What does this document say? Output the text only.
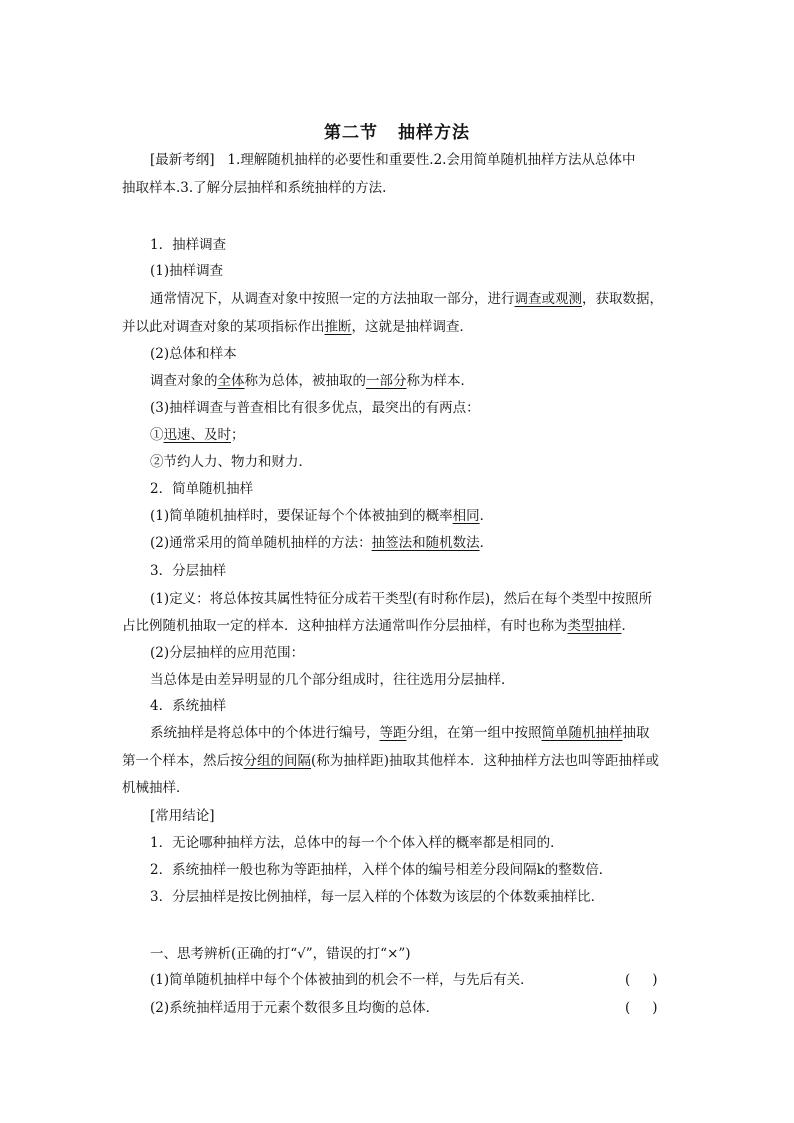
第二节 抽样方法
[最新考纲] 1.理解随机抽样的必要性和重要性.2.会用简单随机抽样方法从总体中
抽取样本.3.了解分层抽样和系统抽样的方法.
1．抽样调查
(1)抽样调查
通常情况下，从调查对象中按照一定的方法抽取一部分，进行调查或观测，获取数据，
并以此对调查对象的某项指标作出推断，这就是抽样调查．
(2)总体和样本
调查对象的全体称为总体，被抽取的一部分称为样本．
(3)抽样调查与普查相比有很多优点，最突出的有两点：
①迅速、及时；
②节约人力、物力和财力．
2．简单随机抽样
(1)简单随机抽样时，要保证每个个体被抽到的概率相同．
(2)通常采用的简单随机抽样的方法：抽签法和随机数法．
3．分层抽样
(1)定义：将总体按其属性特征分成若干类型(有时称作层)，然后在每个类型中按照所
占比例随机抽取一定的样本．这种抽样方法通常叫作分层抽样，有时也称为类型抽样．
(2)分层抽样的应用范围：
当总体是由差异明显的几个部分组成时，往往选用分层抽样．
4．系统抽样
系统抽样是将总体中的个体进行编号，等距分组，在第一组中按照简单随机抽样抽取
第一个样本，然后按分组的间隔(称为抽样距)抽取其他样本．这种抽样方法也叫等距抽样或
机械抽样．
[常用结论]
1．无论哪种抽样方法，总体中的每一个个体入样的概率都是相同的．
2．系统抽样一般也称为等距抽样，入样个体的编号相差分段间隔k的整数倍．
3．分层抽样是按比例抽样，每一层入样的个体数为该层的个体数乘抽样比．
一、思考辨析(正确的打“√”，错误的打“×”)
(1)简单随机抽样中每个个体被抽到的机会不一样，与先后有关．	( )
(2)系统抽样适用于元素个数很多且均衡的总体．	( )
